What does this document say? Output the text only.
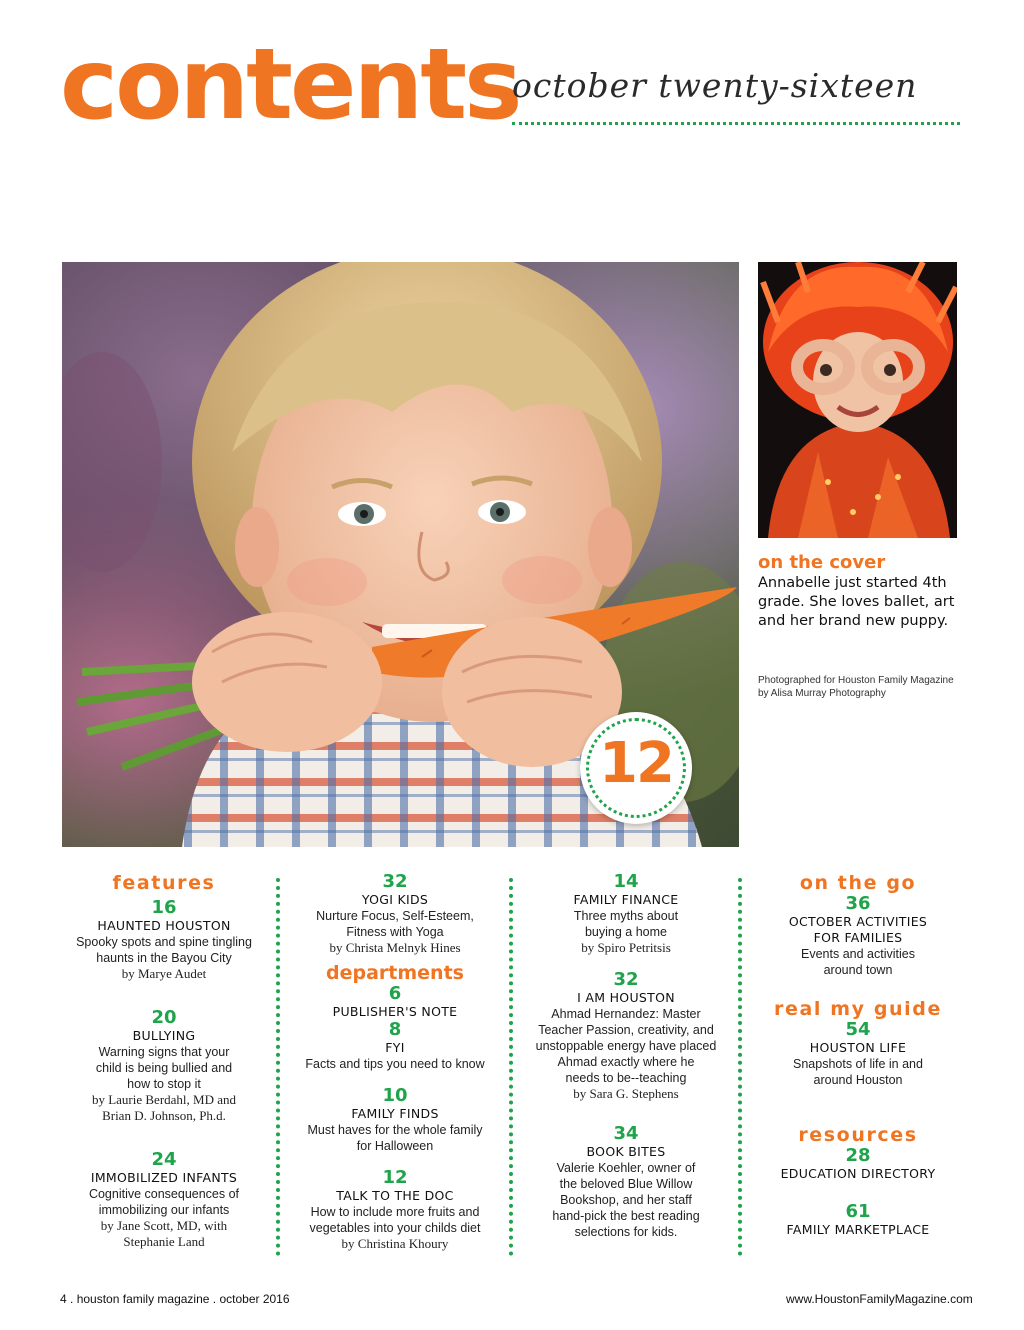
contents
october twenty-sixteen
12
on the cover
Annabelle just started 4th grade. She loves ballet, art and her brand new puppy.
Photographed for Houston Family Magazine
by Alisa Murray Photography
features
16
HAUNTED HOUSTON
Spooky spots and spine tingling
haunts in the Bayou City
by Marye Audet
20
BULLYING
Warning signs that your
child is being bullied and
how to stop it
by Laurie Berdahl, MD and
Brian D. Johnson, Ph.d.
24
IMMOBILIZED INFANTS
Cognitive consequences of
immobilizing our infants
by Jane Scott, MD, with
Stephanie Land
32
YOGI KIDS
Nurture Focus, Self-Esteem,
Fitness with Yoga
by Christa Melnyk Hines
departments
6
PUBLISHER'S NOTE
8
FYI
Facts and tips you need to know
10
FAMILY FINDS
Must haves for the whole family
for Halloween
12
TALK TO THE DOC
How to include more fruits and
vegetables into your childs diet
by Christina Khoury
14
FAMILY FINANCE
Three myths about
buying a home
by Spiro Petritsis
32
I AM HOUSTON
Ahmad Hernandez: Master
Teacher Passion, creativity, and
unstoppable energy have placed
Ahmad exactly where he
needs to be--teaching
by Sara G. Stephens
34
BOOK BITES
Valerie Koehler, owner of
the beloved Blue Willow
Bookshop, and her staff
hand-pick the best reading
selections for kids.
on the go
36
OCTOBER ACTIVITIES
FOR FAMILIES
Events and activities
around town
real my guide
54
HOUSTON LIFE
Snapshots of life in and
around Houston
resources
28
EDUCATION DIRECTORY
61
FAMILY MARKETPLACE
4 . houston family magazine . october 2016	www.HoustonFamilyMagazine.com
